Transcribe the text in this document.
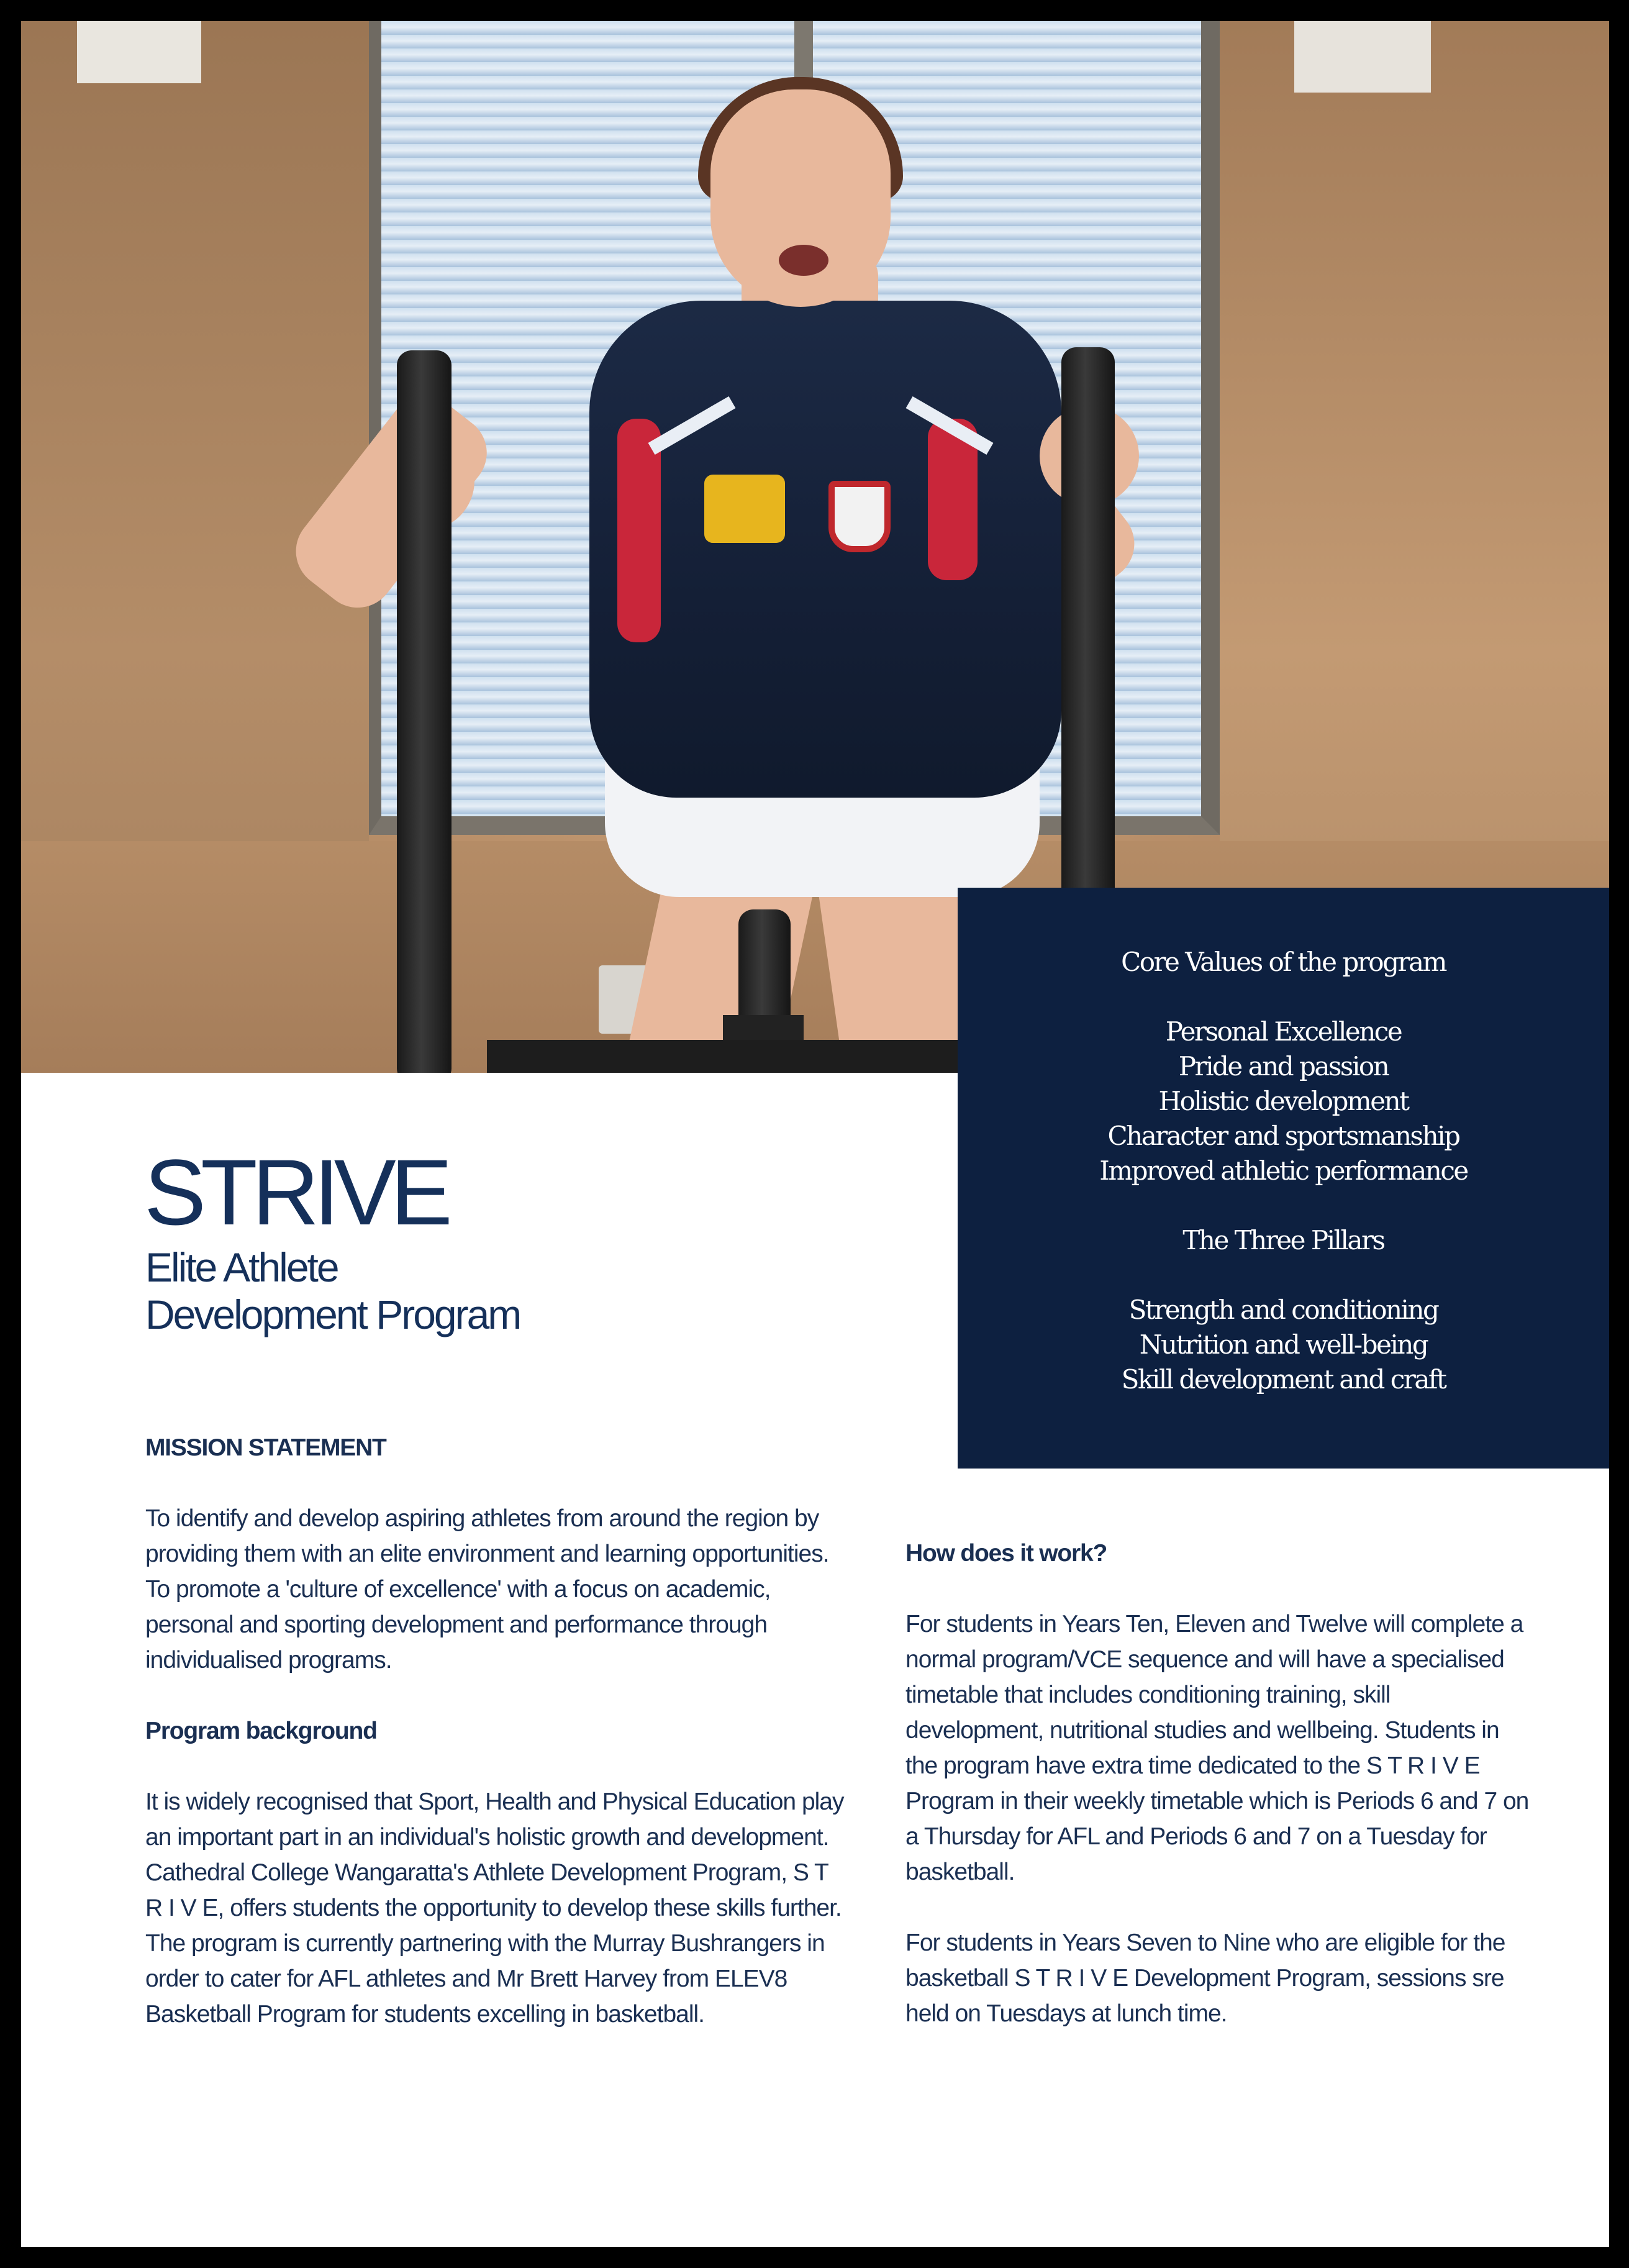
Core Values of the program
Personal Excellence
Pride and passion
Holistic development
Character and sportsmanship
Improved athletic performance
The Three Pillars
Strength and conditioning
Nutrition and well-being
Skill development and craft
STRIVE
Elite Athlete
Development Program
MISSION STATEMENT

To identify and develop aspiring athletes from around the region by providing them with an elite environment and learning opportunities. To promote a 'culture of excellence' with a focus on academic, personal and sporting development and performance through individualised programs.

Program background

It is widely recognised that Sport, Health and Physical Education play an important part in an individual's holistic growth and development. Cathedral College Wangaratta's Athlete Development Program, S T R I V E, offers students the opportunity to develop these skills further. The program is currently partnering with the Murray Bushrangers in order to cater for AFL athletes and Mr Brett Harvey from ELEV8 Basketball Program for students excelling in basketball.

How does it work?

For students in Years Ten, Eleven and Twelve will complete a normal program/VCE sequence and will have a specialised timetable that includes conditioning training, skill development, nutritional studies and wellbeing. Students in the program have extra time dedicated to the S T R I V E Program in their weekly timetable which is Periods 6 and 7 on a Thursday for AFL and Periods 6 and 7 on a Tuesday for basketball.

For students in Years Seven to Nine who are eligible for the basketball S T R I V E Development Program, sessions sre held on Tuesdays at lunch time.
